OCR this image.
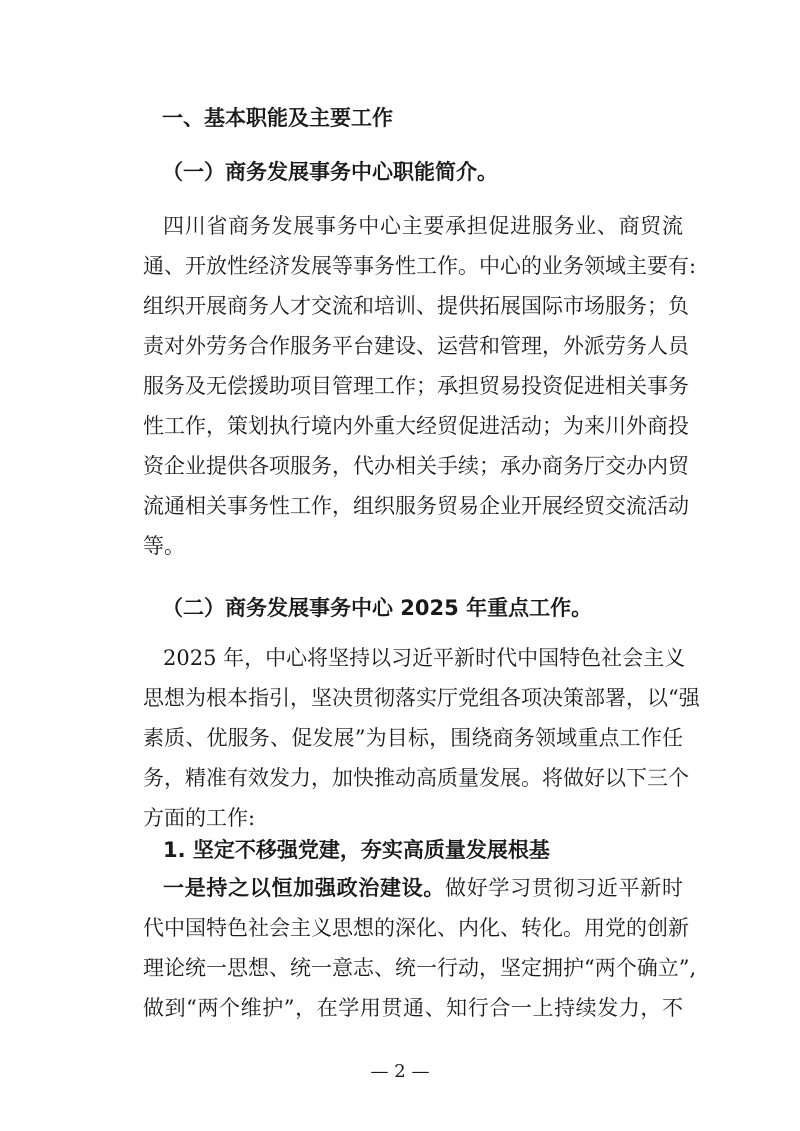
一、基本职能及主要工作
（一）商务发展事务中心职能简介。
四川省商务发展事务中心主要承担促进服务业、商贸流
通、开放性经济发展等事务性工作。中心的业务领域主要有:
组织开展商务人才交流和培训、提供拓展国际市场服务；负
责对外劳务合作服务平台建设、运营和管理，外派劳务人员
服务及无偿援助项目管理工作；承担贸易投资促进相关事务
性工作，策划执行境内外重大经贸促进活动；为来川外商投
资企业提供各项服务，代办相关手续；承办商务厅交办内贸
流通相关事务性工作，组织服务贸易企业开展经贸交流活动
等。
（二）商务发展事务中心 2025 年重点工作。
2025 年，中心将坚持以习近平新时代中国特色社会主义
思想为根本指引，坚决贯彻落实厅党组各项决策部署，以“强
素质、优服务、促发展”为目标，围绕商务领域重点工作任
务，精准有效发力，加快推动高质量发展。将做好以下三个
方面的工作:
1. 坚定不移强党建，夯实高质量发展根基
一是持之以恒加强政治建设。做好学习贯彻习近平新时
代中国特色社会主义思想的深化、内化、转化。用党的创新
理论统一思想、统一意志、统一行动，坚定拥护“两个确立”,
做到“两个维护”，在学用贯通、知行合一上持续发力，不
— 2 —
